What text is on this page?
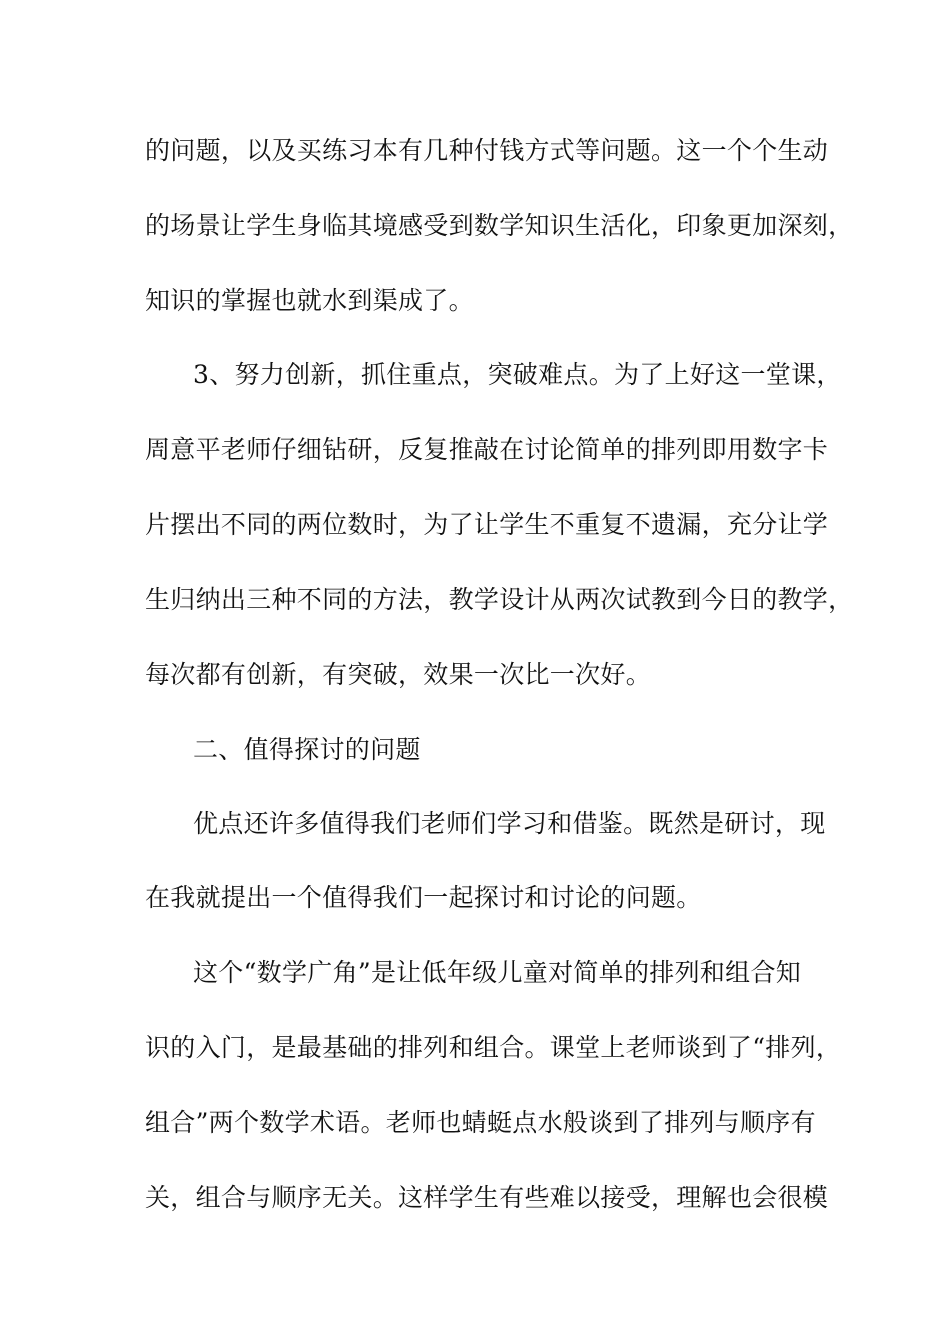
的问题，以及买练习本有几种付钱方式等问题。这一个个生动
的场景让学生身临其境感受到数学知识生活化，印象更加深刻，
知识的掌握也就水到渠成了。
3、努力创新，抓住重点，突破难点。为了上好这一堂课，
周意平老师仔细钻研，反复推敲在讨论简单的排列即用数字卡
片摆出不同的两位数时，为了让学生不重复不遗漏，充分让学
生归纳出三种不同的方法，教学设计从两次试教到今日的教学，
每次都有创新，有突破，效果一次比一次好。
二、值得探讨的问题
优点还许多值得我们老师们学习和借鉴。既然是研讨，现
在我就提出一个值得我们一起探讨和讨论的问题。
这个“数学广角”是让低年级儿童对简单的排列和组合知
识的入门，是最基础的排列和组合。课堂上老师谈到了“排列，
组合”两个数学术语。老师也蜻蜓点水般谈到了排列与顺序有
关，组合与顺序无关。这样学生有些难以接受，理解也会很模
